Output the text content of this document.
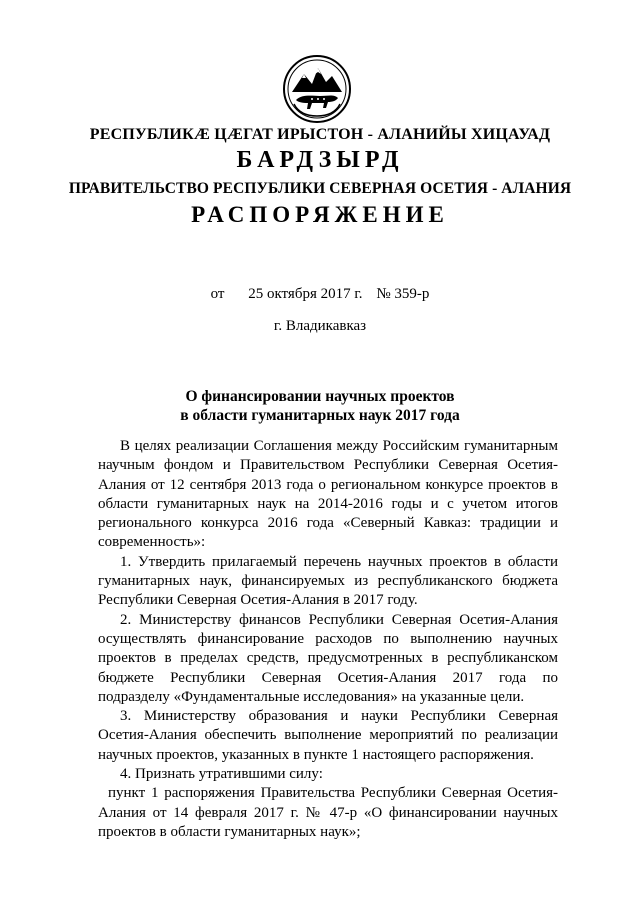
РЕСПУБЛИКӔ ЦӔГАТ ИРЫСТОН - АЛАНИЙЫ ХИЦАУАД
БАРДЗЫРД
ПРАВИТЕЛЬСТВО РЕСПУБЛИКИ СЕВЕРНАЯ ОСЕТИЯ - АЛАНИЯ
РАСПОРЯЖЕНИЕ
от 25 октября 2017 г. № 359-р
г. Владикавказ
О финансировании научных проектов
в области гуманитарных наук 2017 года

В целях реализации Соглашения между Российским гуманитарным научным фондом и Правительством Республики Северная Осетия-Алания от 12 сентября 2013 года о региональном конкурсе проектов в области гуманитарных наук на 2014-2016 годы и с учетом итогов регионального конкурса 2016 года «Северный Кавказ: традиции и современность»:

1. Утвердить прилагаемый перечень научных проектов в области гуманитарных наук, финансируемых из республиканского бюджета Республики Северная Осетия-Алания в 2017 году.

2. Министерству финансов Республики Северная Осетия-Алания осуществлять финансирование расходов по выполнению научных проектов в пределах средств, предусмотренных в республиканском бюджете Республики Северная Осетия-Алания 2017 года по подразделу «Фундаментальные исследования» на указанные цели.

3. Министерству образования и науки Республики Северная Осетия-Алания обеспечить выполнение мероприятий по реализации научных проектов, указанных в пункте 1 настоящего распоряжения.

4. Признать утратившими силу:

пункт 1 распоряжения Правительства Республики Северная Осетия-Алания от 14 февраля 2017 г. № 47-р «О финансировании научных проектов в области гуманитарных наук»;
